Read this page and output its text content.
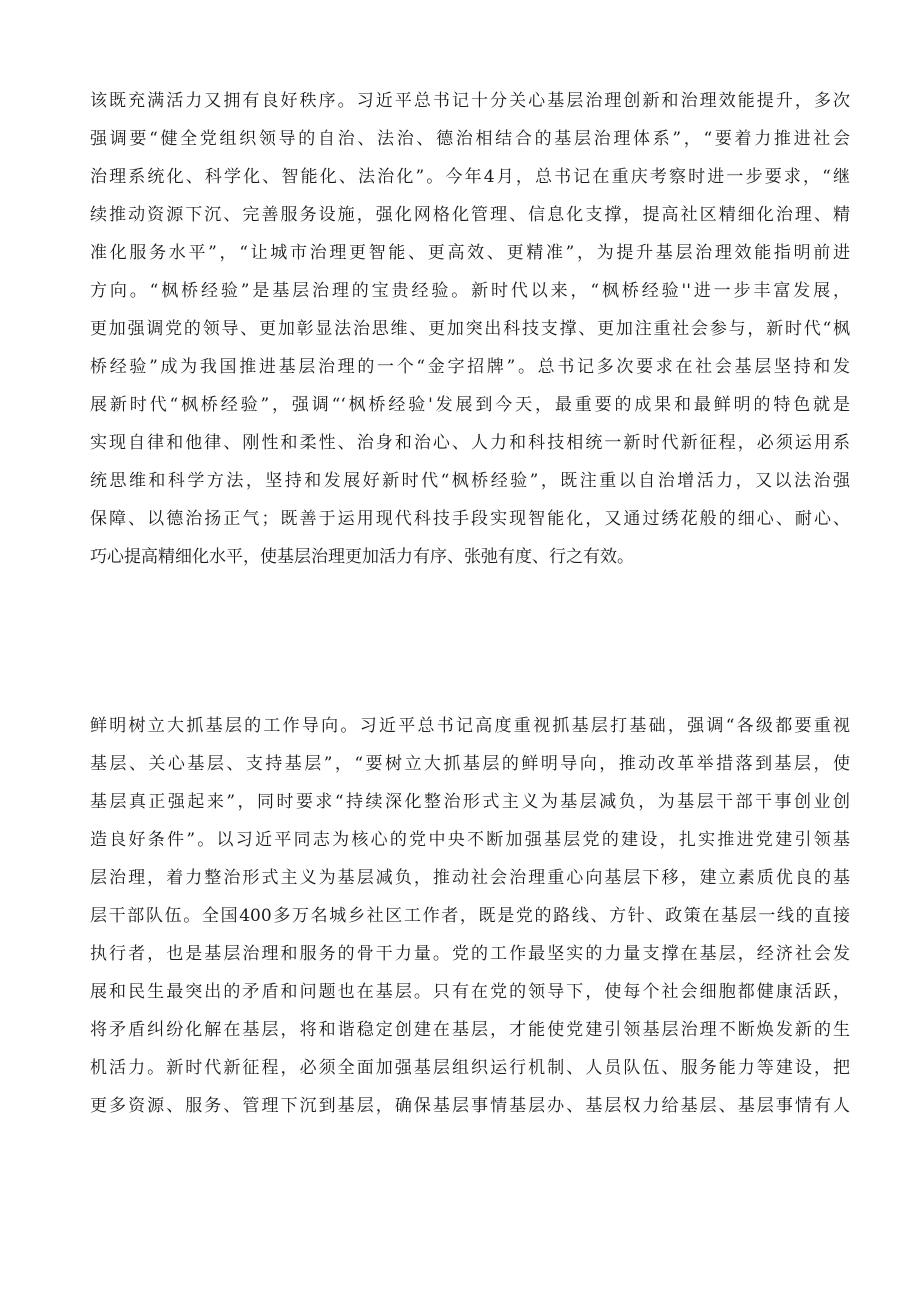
该既充满活力又拥有良好秩序。习近平总书记十分关心基层治理创新和治理效能提升，多次
强调要“健全党组织领导的自治、法治、德治相结合的基层治理体系”，“要着力推进社会
治理系统化、科学化、智能化、法治化”。今年4月，总书记在重庆考察时进一步要求，“继
续推动资源下沉、完善服务设施，强化网格化管理、信息化支撑，提高社区精细化治理、精
准化服务水平”，“让城市治理更智能、更高效、更精准”，为提升基层治理效能指明前进
方向。“枫桥经验”是基层治理的宝贵经验。新时代以来，“枫桥经验''进一步丰富发展，
更加强调党的领导、更加彰显法治思维、更加突出科技支撑、更加注重社会参与，新时代“枫
桥经验”成为我国推进基层治理的一个“金字招牌”。总书记多次要求在社会基层坚持和发
展新时代“枫桥经验”，强调“‘枫桥经验'发展到今天，最重要的成果和最鲜明的特色就是
实现自律和他律、刚性和柔性、治身和治心、人力和科技相统一新时代新征程，必须运用系
统思维和科学方法，坚持和发展好新时代“枫桥经验”，既注重以自治增活力，又以法治强
保障、以德治扬正气；既善于运用现代科技手段实现智能化，又通过绣花般的细心、耐心、
巧心提高精细化水平，使基层治理更加活力有序、张弛有度、行之有效。
鲜明树立大抓基层的工作导向。习近平总书记高度重视抓基层打基础，强调“各级都要重视
基层、关心基层、支持基层”，“要树立大抓基层的鲜明导向，推动改革举措落到基层，使
基层真正强起来”，同时要求“持续深化整治形式主义为基层减负，为基层干部干事创业创
造良好条件”。以习近平同志为核心的党中央不断加强基层党的建设，扎实推进党建引领基
层治理，着力整治形式主义为基层减负，推动社会治理重心向基层下移，建立素质优良的基
层干部队伍。全国400多万名城乡社区工作者，既是党的路线、方针、政策在基层一线的直接
执行者，也是基层治理和服务的骨干力量。党的工作最坚实的力量支撑在基层，经济社会发
展和民生最突出的矛盾和问题也在基层。只有在党的领导下，使每个社会细胞都健康活跃，
将矛盾纠纷化解在基层，将和谐稳定创建在基层，才能使党建引领基层治理不断焕发新的生
机活力。新时代新征程，必须全面加强基层组织运行机制、人员队伍、服务能力等建设，把
更多资源、服务、管理下沉到基层，确保基层事情基层办、基层权力给基层、基层事情有人
